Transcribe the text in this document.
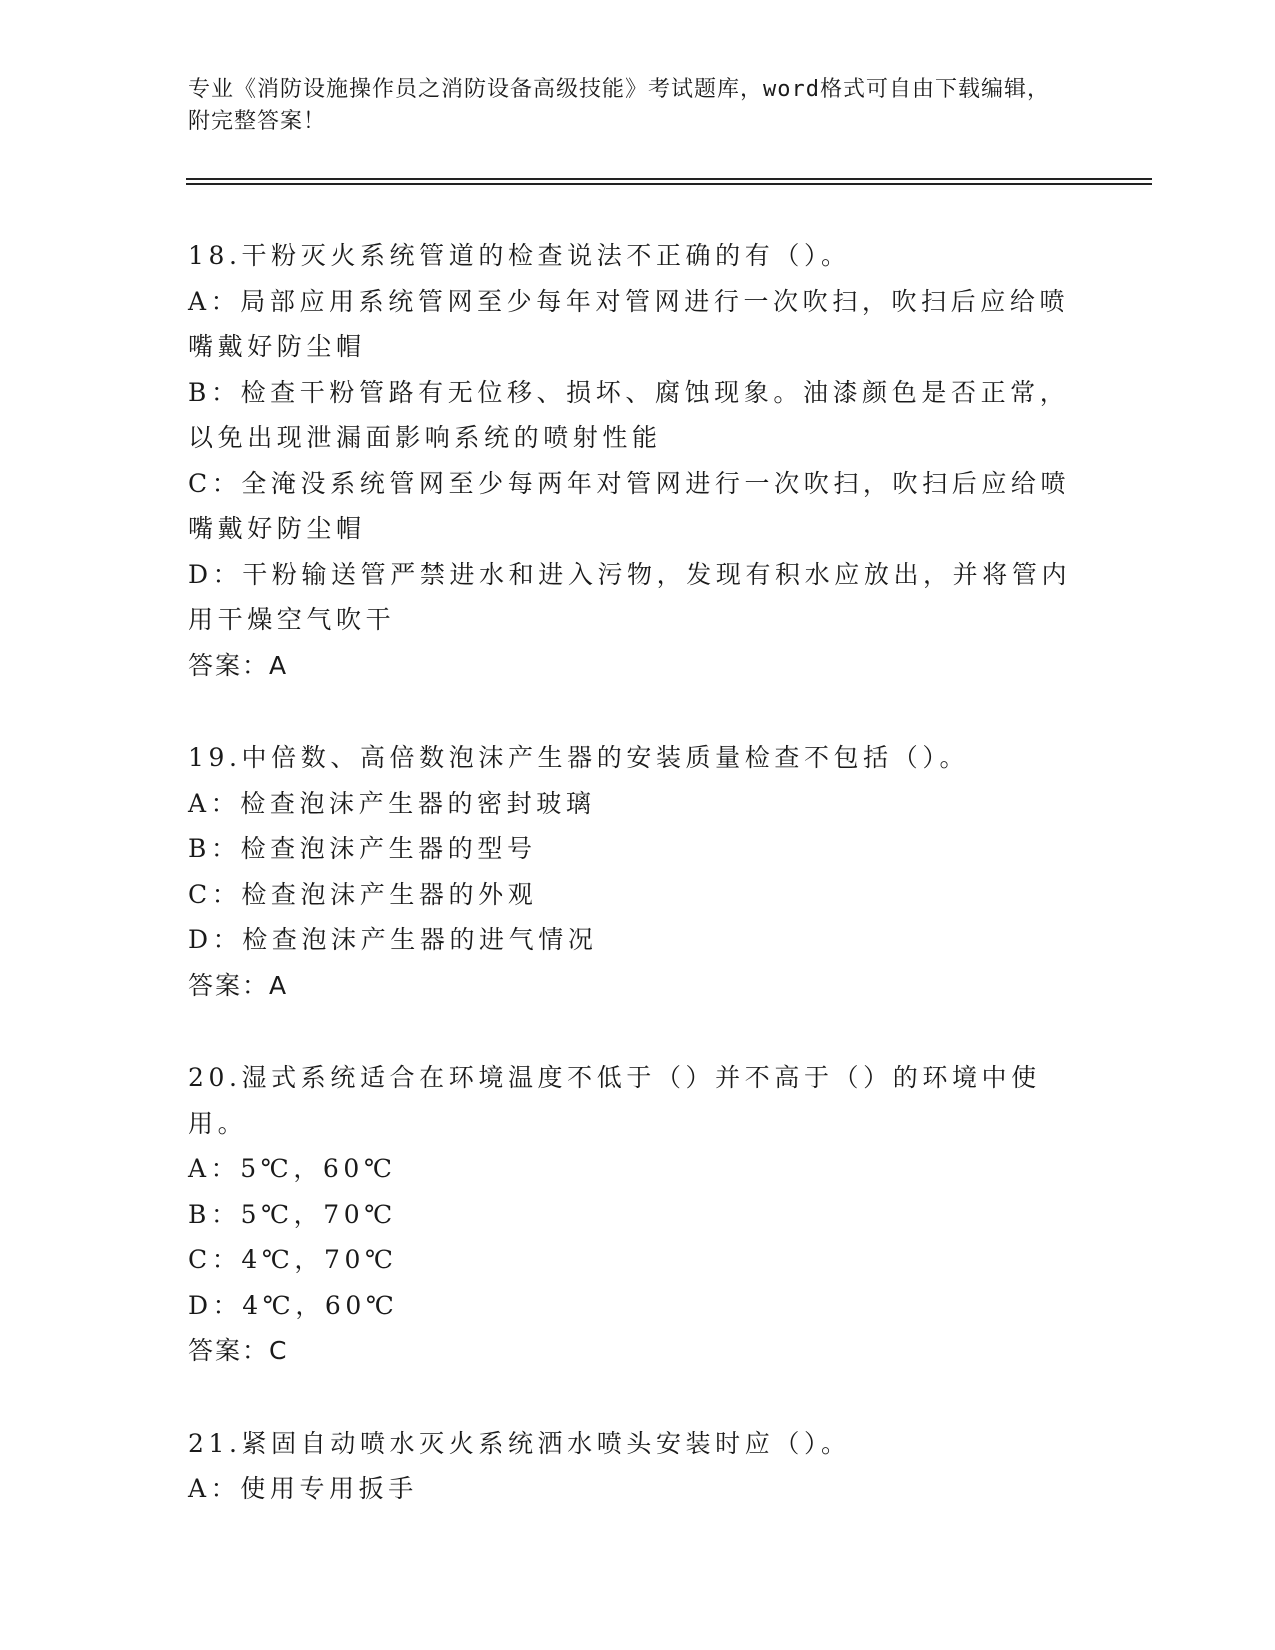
专业《消防设施操作员之消防设备高级技能》考试题库，word格式可自由下载编辑，附完整答案！
18.干粉灭火系统管道的检查说法不正确的有（）。
A：局部应用系统管网至少每年对管网进行一次吹扫，吹扫后应给喷嘴戴好防尘帽
B：检查干粉管路有无位移、损坏、腐蚀现象。油漆颜色是否正常，以免出现泄漏面影响系统的喷射性能
C：全淹没系统管网至少每两年对管网进行一次吹扫，吹扫后应给喷嘴戴好防尘帽
D：干粉输送管严禁进水和进入污物，发现有积水应放出，并将管内用干燥空气吹干
答案：A
19.中倍数、高倍数泡沫产生器的安装质量检查不包括（）。
A：检查泡沫产生器的密封玻璃
B：检查泡沫产生器的型号
C：检查泡沫产生器的外观
D：检查泡沫产生器的进气情况
答案：A
20.湿式系统适合在环境温度不低于（）并不高于（）的环境中使用。
A：5℃，60℃
B：5℃，70℃
C：4℃，70℃
D：4℃，60℃
答案：C
21.紧固自动喷水灭火系统洒水喷头安装时应（）。
A：使用专用扳手
